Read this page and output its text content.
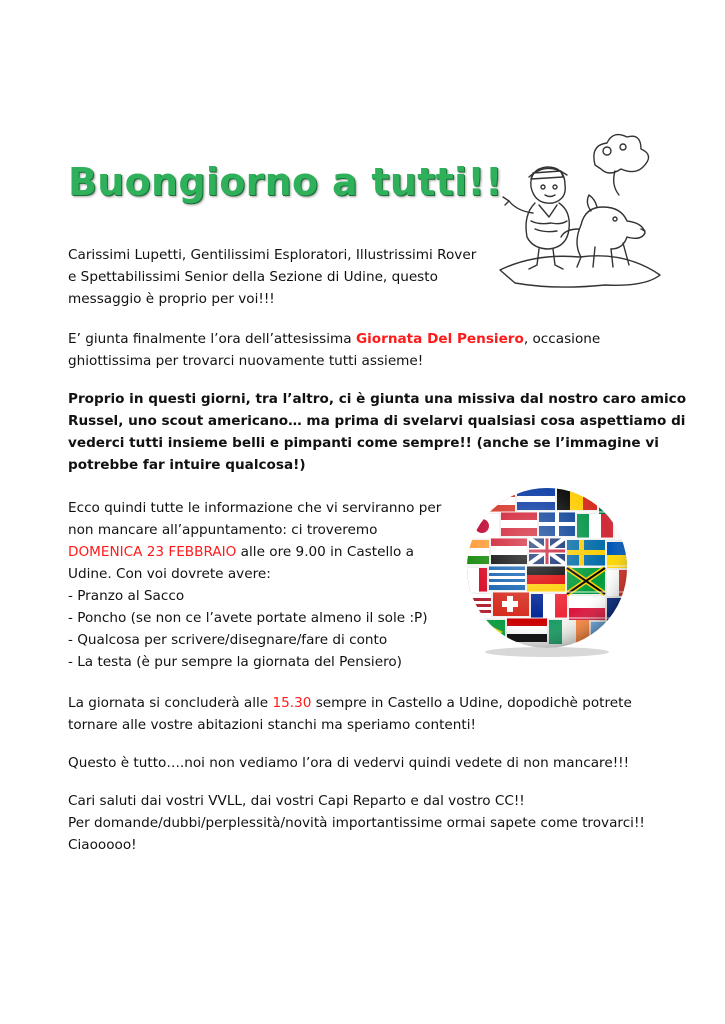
Buongiorno a tutti!!
Carissimi Lupetti, Gentilissimi Esploratori, Illustrissimi Rover
e Spettabilissimi Senior della Sezione di Udine, questo
messaggio è proprio per voi!!!
E’ giunta finalmente l’ora dell’attesissima Giornata Del Pensiero, occasione
ghiottissima per trovarci nuovamente tutti assieme!
Proprio in questi giorni, tra l’altro, ci è giunta una missiva dal nostro caro amico
Russel, uno scout americano… ma prima di svelarvi qualsiasi cosa aspettiamo di
vederci tutti insieme belli e pimpanti come sempre!! (anche se l’immagine vi
potrebbe far intuire qualcosa!)
Ecco quindi tutte le informazione che vi serviranno per
non mancare all’appuntamento: ci troveremo
DOMENICA 23 FEBBRAIO alle ore 9.00 in Castello a
Udine. Con voi dovrete avere:
- Pranzo al Sacco
- Poncho (se non ce l’avete portate almeno il sole :P)
- Qualcosa per scrivere/disegnare/fare di conto
- La testa (è pur sempre la giornata del Pensiero)
La giornata si concluderà alle 15.30 sempre in Castello a Udine, dopodichè potrete
tornare alle vostre abitazioni stanchi ma speriamo contenti!
Questo è tutto….noi non vediamo l’ora di vedervi quindi vedete di non mancare!!!
Cari saluti dai vostri VVLL, dai vostri Capi Reparto e dal vostro CC!!
Per domande/dubbi/perplessità/novità importantissime ormai sapete come trovarci!!
Ciaooooo!
